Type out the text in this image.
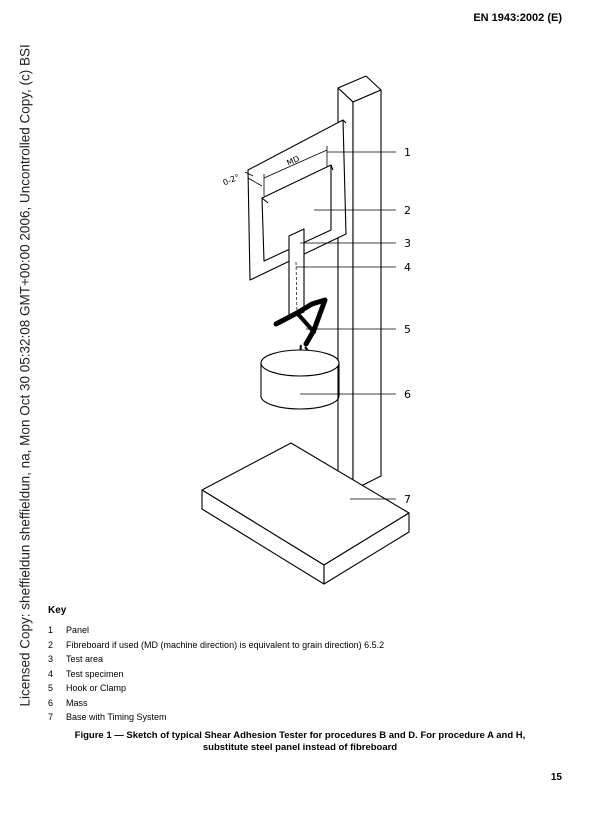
EN 1943:2002 (E)
Licensed Copy: sheffieldun sheffieldun, na, Mon Oct 30 05:32:08 GMT+00:00 2006, Uncontrolled Copy, (c) BSI	0-2°
MD
1
2
3
4
5
6
7
Key
1	Panel
2	Fibreboard if used (MD (machine direction) is equivalent to grain direction) 6.5.2
3	Test area
4	Test specimen
5	Hook or Clamp
6	Mass
7	Base with Timing System
Figure 1 — Sketch of typical Shear Adhesion Tester for procedures B and D. For procedure A and H,
substitute steel panel instead of fibreboard
15
